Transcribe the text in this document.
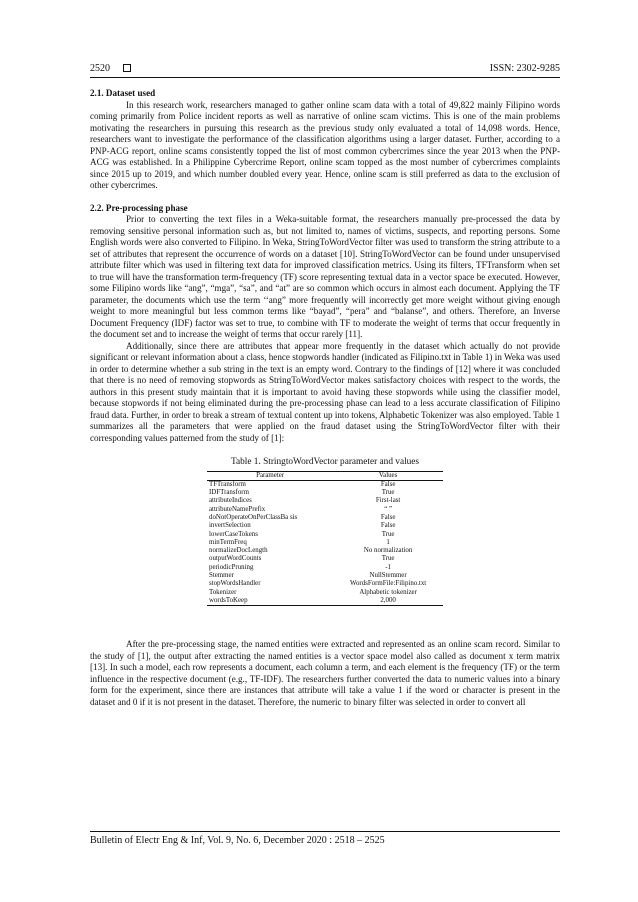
2520	ISSN: 2302-9285
2.1. Dataset used

In this research work, researchers managed to gather online scam data with a total of 49,822 mainly Filipino words coming primarily from Police incident reports as well as narrative of online scam victims. This is one of the main problems motivating the researchers in pursuing this research as the previous study only evaluated a total of 14,098 words. Hence, researchers want to investigate the performance of the classification algorithms using a larger dataset. Further, according to a PNP-ACG report, online scams consistently topped the list of most common cybercrimes since the year 2013 when the PNP-ACG was established. In a Philippine Cybercrime Report, online scam topped as the most number of cybercrimes complaints since 2015 up to 2019, and which number doubled every year. Hence, online scam is still preferred as data to the exclusion of other cybercrimes.

2.2. Pre-processing phase

Prior to converting the text files in a Weka-suitable format, the researchers manually pre-processed the data by removing sensitive personal information such as, but not limited to, names of victims, suspects, and reporting persons. Some English words were also converted to Filipino. In Weka, StringToWordVector filter was used to transform the string attribute to a set of attributes that represent the occurrence of words on a dataset [10]. StringToWordVector can be found under unsupervised attribute filter which was used in filtering text data for improved classification metrics. Using its filters, TFTransform when set to true will have the transformation term-frequency (TF) score representing textual data in a vector space be executed. However, some Filipino words like “ang”, “mga”, “sa”, and “at” are so common which occurs in almost each document. Applying the TF parameter, the documents which use the term ‘‘ang” more frequently will incorrectly get more weight without giving enough weight to more meaningful but less common terms like “bayad”, “pera” and “balanse”, and others. Therefore, an Inverse Document Frequency (IDF) factor was set to true, to combine with TF to moderate the weight of terms that occur frequently in the document set and to increase the weight of terms that occur rarely [11].

Additionally, since there are attributes that appear more frequently in the dataset which actually do not provide significant or relevant information about a class, hence stopwords handler (indicated as Filipino.txt in Table 1) in Weka was used in order to determine whether a sub string in the text is an empty word. Contrary to the findings of [12] where it was concluded that there is no need of removing stopwords as StringToWordVector makes satisfactory choices with respect to the words, the authors in this present study maintain that it is important to avoid having these stopwords while using the classifier model, because stopwords if not being eliminated during the pre-processing phase can lead to a less accurate classification of Filipino fraud data. Further, in order to break a stream of textual content up into tokens, Alphabetic Tokenizer was also employed. Table 1 summarizes all the parameters that were applied on the fraud dataset using the StringToWordVector filter with their corresponding values patterned from the study of [1]:

Table 1. StringtoWordVector parameter and values
Parameter	Values
TFTransform	False
IDFTransform	True
attributeIndices	First-last
attributeNamePrefix	“ ”
doNotOperateOnPerClassBa sis	False
invertSelection	False
lowerCaseTokens	True
minTermFreq	1
normalizeDocLength	No normalization
outputWordCounts	True
periodicPruning	-1
Stemmer	NullStemmer
stopWordsHandler	WordsFormFile:Filipino.txt
Tokenizer	Alphabetic tokenizer
wordsToKeep	2,000

After the pre-processing stage, the named entities were extracted and represented as an online scam record. Similar to the study of [1], the output after extracting the named entities is a vector space model also called as document x term matrix [13]. In such a model, each row represents a document, each column a term, and each element is the frequency (TF) or the term influence in the respective document (e.g., TF-IDF). The researchers further converted the data to numeric values into a binary form for the experiment, since there are instances that attribute will take a value 1 if the word or character is present in the dataset and 0 if it is not present in the dataset. Therefore, the numeric to binary filter was selected in order to convert all

Bulletin of Electr Eng & Inf, Vol. 9, No. 6, December 2020 : 2518 – 2525
